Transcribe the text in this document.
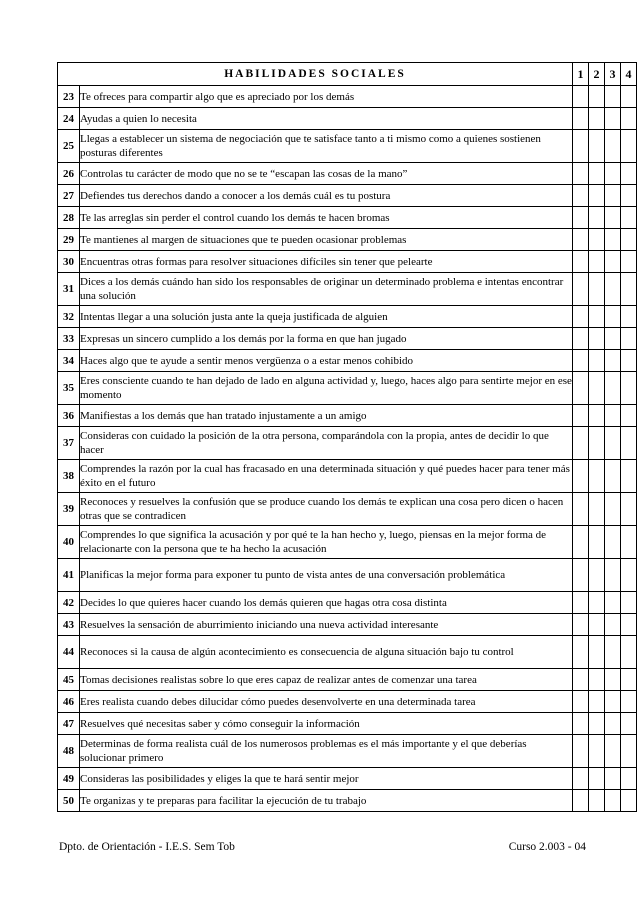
HABILIDADES SOCIALES		1	2	3	4
23	Te ofreces para compartir algo que es apreciado por los demás				
24	Ayudas a quien lo necesita				
25	Llegas a establecer un sistema de negociación que te satisface tanto a ti mismo como a quienes sostienen posturas diferentes				
26	Controlas tu carácter de modo que no se te “escapan las cosas de la mano”				
27	Defiendes tus derechos dando a conocer a los demás cuál es tu postura				
28	Te las arreglas sin perder el control cuando los demás te hacen bromas				
29	Te mantienes al margen de situaciones que te pueden ocasionar problemas				
30	Encuentras otras formas para resolver situaciones difíciles sin tener que pelearte				
31	Dices a los demás cuándo han sido los responsables de originar un determinado problema e intentas encontrar una solución				
32	Intentas llegar a una solución justa ante la queja justificada de alguien				
33	Expresas un sincero cumplido a los demás por la forma en que han jugado				
34	Haces algo que te ayude a sentir menos vergüenza o a estar menos cohibido				
35	Eres consciente cuando te han dejado de lado en alguna actividad y, luego, haces algo para sentirte mejor en ese momento				
36	Manifiestas a los demás que han tratado injustamente a un amigo				
37	Consideras con cuidado la posición de la otra persona, comparándola con la propia, antes de decidir lo que hacer				
38	Comprendes la razón por la cual has fracasado en una determinada situación y qué puedes hacer para tener más éxito en el futuro				
39	Reconoces y resuelves la confusión que se produce cuando los demás te explican una cosa pero dicen o hacen otras que se contradicen				
40	Comprendes lo que significa la acusación y por qué te la han hecho y, luego, piensas en la mejor forma de relacionarte con la persona que te ha hecho la acusación				
41	Planificas la mejor forma para exponer tu punto de vista antes de una conversación problemática				
42	Decides lo que quieres hacer cuando los demás quieren que hagas otra cosa distinta				
43	Resuelves la sensación de aburrimiento iniciando una nueva actividad interesante				
44	Reconoces si la causa de algún acontecimiento es consecuencia de alguna situación bajo tu control				
45	Tomas decisiones realistas sobre lo que eres capaz de realizar antes de comenzar una tarea				
46	Eres realista cuando debes dilucidar cómo puedes desenvolverte en una determinada tarea				
47	Resuelves qué necesitas saber y cómo conseguir la información				
48	Determinas de forma realista cuál de los numerosos problemas es el más importante y el que deberías solucionar primero				
49	Consideras las posibilidades y eliges la que te hará sentir mejor				
50	Te organizas y te preparas para facilitar la ejecución de tu trabajo				
Dpto. de Orientación - I.E.S. Sem Tob	Curso 2.003 - 04
